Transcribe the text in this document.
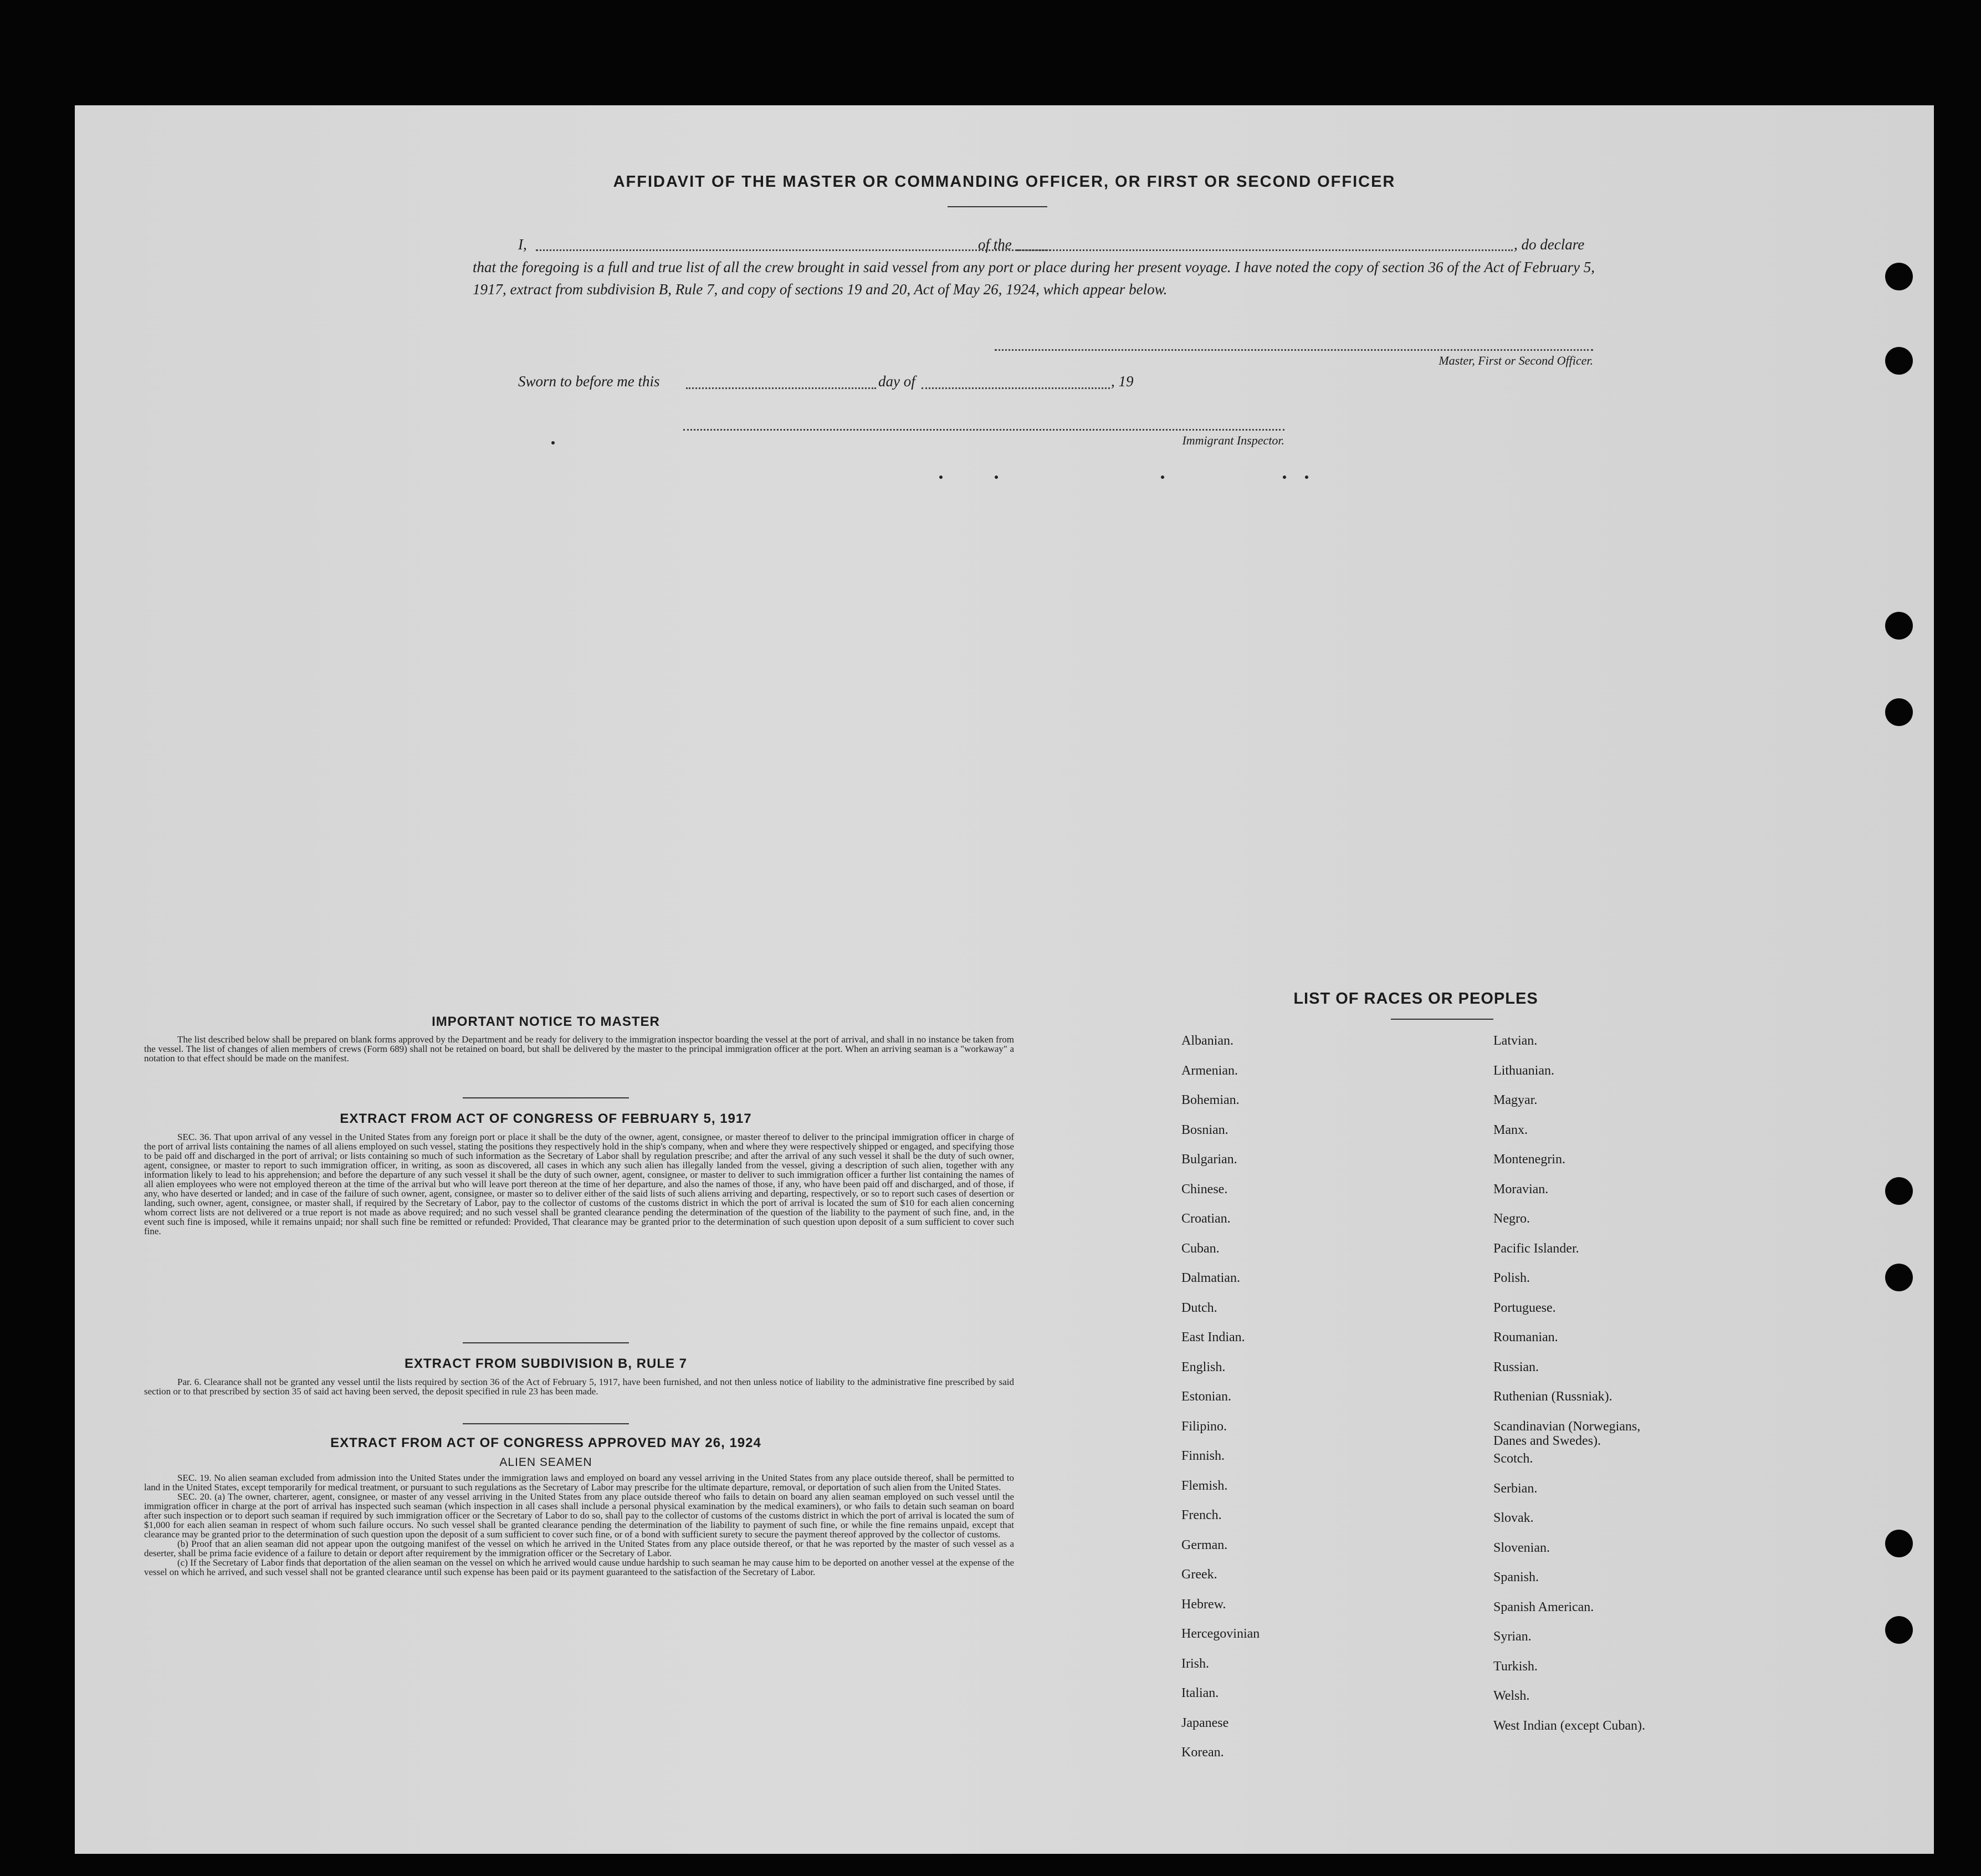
AFFIDAVIT OF THE MASTER OR COMMANDING OFFICER, OR FIRST OR SECOND OFFICER
I,	of the	, do declare
that the foregoing is a full and true list of all the crew brought in said vessel from any port or place during her present voyage. I have noted the copy of section 36 of the Act of February 5, 1917, extract from subdivision B, Rule 7, and copy of sections 19 and 20, Act of May 26, 1924, which appear below.
Master, First or Second Officer.
Sworn to before me this	day of	, 19
Immigrant Inspector.
IMPORTANT NOTICE TO MASTER

The list described below shall be prepared on blank forms approved by the Department and be ready for delivery to the immigration inspector boarding the vessel at the port of arrival, and shall in no instance be taken from the vessel. The list of changes of alien members of crews (Form 689) shall not be retained on board, but shall be delivered by the master to the principal immigration officer at the port. When an arriving seaman is a "workaway" a notation to that effect should be made on the manifest.

EXTRACT FROM ACT OF CONGRESS OF FEBRUARY 5, 1917

SEC. 36. That upon arrival of any vessel in the United States from any foreign port or place it shall be the duty of the owner, agent, consignee, or master thereof to deliver to the principal immigration officer in charge of the port of arrival lists containing the names of all aliens employed on such vessel, stating the positions they respectively hold in the ship's company, when and where they were respectively shipped or engaged, and specifying those to be paid off and discharged in the port of arrival; or lists containing so much of such information as the Secretary of Labor shall by regulation prescribe; and after the arrival of any such vessel it shall be the duty of such owner, agent, consignee, or master to report to such immigration officer, in writing, as soon as discovered, all cases in which any such alien has illegally landed from the vessel, giving a description of such alien, together with any information likely to lead to his apprehension; and before the departure of any such vessel it shall be the duty of such owner, agent, consignee, or master to deliver to such immigration officer a further list containing the names of all alien employees who were not employed thereon at the time of the arrival but who will leave port thereon at the time of her departure, and also the names of those, if any, who have been paid off and discharged, and of those, if any, who have deserted or landed; and in case of the failure of such owner, agent, consignee, or master so to deliver either of the said lists of such aliens arriving and departing, respectively, or so to report such cases of desertion or landing, such owner, agent, consignee, or master shall, if required by the Secretary of Labor, pay to the collector of customs of the customs district in which the port of arrival is located the sum of $10 for each alien concerning whom correct lists are not delivered or a true report is not made as above required; and no such vessel shall be granted clearance pending the determination of the question of the liability to the payment of such fine, and, in the event such fine is imposed, while it remains unpaid; nor shall such fine be remitted or refunded: Provided, That clearance may be granted prior to the determination of such question upon deposit of a sum sufficient to cover such fine.

EXTRACT FROM SUBDIVISION B, RULE 7

Par. 6. Clearance shall not be granted any vessel until the lists required by section 36 of the Act of February 5, 1917, have been furnished, and not then unless notice of liability to the administrative fine prescribed by said section or to that prescribed by section 35 of said act having been served, the deposit specified in rule 23 has been made.

EXTRACT FROM ACT OF CONGRESS APPROVED MAY 26, 1924
ALIEN SEAMEN

SEC. 19. No alien seaman excluded from admission into the United States under the immigration laws and employed on board any vessel arriving in the United States from any place outside thereof, shall be permitted to land in the United States, except temporarily for medical treatment, or pursuant to such regulations as the Secretary of Labor may prescribe for the ultimate departure, removal, or deportation of such alien from the United States.

SEC. 20. (a) The owner, charterer, agent, consignee, or master of any vessel arriving in the United States from any place outside thereof who fails to detain on board any alien seaman employed on such vessel until the immigration officer in charge at the port of arrival has inspected such seaman (which inspection in all cases shall include a personal physical examination by the medical examiners), or who fails to detain such seaman on board after such inspection or to deport such seaman if required by such immigration officer or the Secretary of Labor to do so, shall pay to the collector of customs of the customs district in which the port of arrival is located the sum of $1,000 for each alien seaman in respect of whom such failure occurs. No such vessel shall be granted clearance pending the determination of the liability to payment of such fine, or while the fine remains unpaid, except that clearance may be granted prior to the determination of such question upon the deposit of a sum sufficient to cover such fine, or of a bond with sufficient surety to secure the payment thereof approved by the collector of customs.

(b) Proof that an alien seaman did not appear upon the outgoing manifest of the vessel on which he arrived in the United States from any place outside thereof, or that he was reported by the master of such vessel as a deserter, shall be prima facie evidence of a failure to detain or deport after requirement by the immigration officer or the Secretary of Labor.

(c) If the Secretary of Labor finds that deportation of the alien seaman on the vessel on which he arrived would cause undue hardship to such seaman he may cause him to be deported on another vessel at the expense of the vessel on which he arrived, and such vessel shall not be granted clearance until such expense has been paid or its payment guaranteed to the satisfaction of the Secretary of Labor.

LIST OF RACES OR PEOPLES
Albanian.
Armenian.
Bohemian.
Bosnian.
Bulgarian.
Chinese.
Croatian.
Cuban.
Dalmatian.
Dutch.
East Indian.
English.
Estonian.
Filipino.
Finnish.
Flemish.
French.
German.
Greek.
Hebrew.
Hercegovinian
Irish.
Italian.
Japanese
Korean.
Latvian.
Lithuanian.
Magyar.
Manx.
Montenegrin.
Moravian.
Negro.
Pacific Islander.
Polish.
Portuguese.
Roumanian.
Russian.
Ruthenian (Russniak).
Scandinavian (Norwegians, Danes and Swedes).
Scotch.
Serbian.
Slovak.
Slovenian.
Spanish.
Spanish American.
Syrian.
Turkish.
Welsh.
West Indian (except Cuban).
